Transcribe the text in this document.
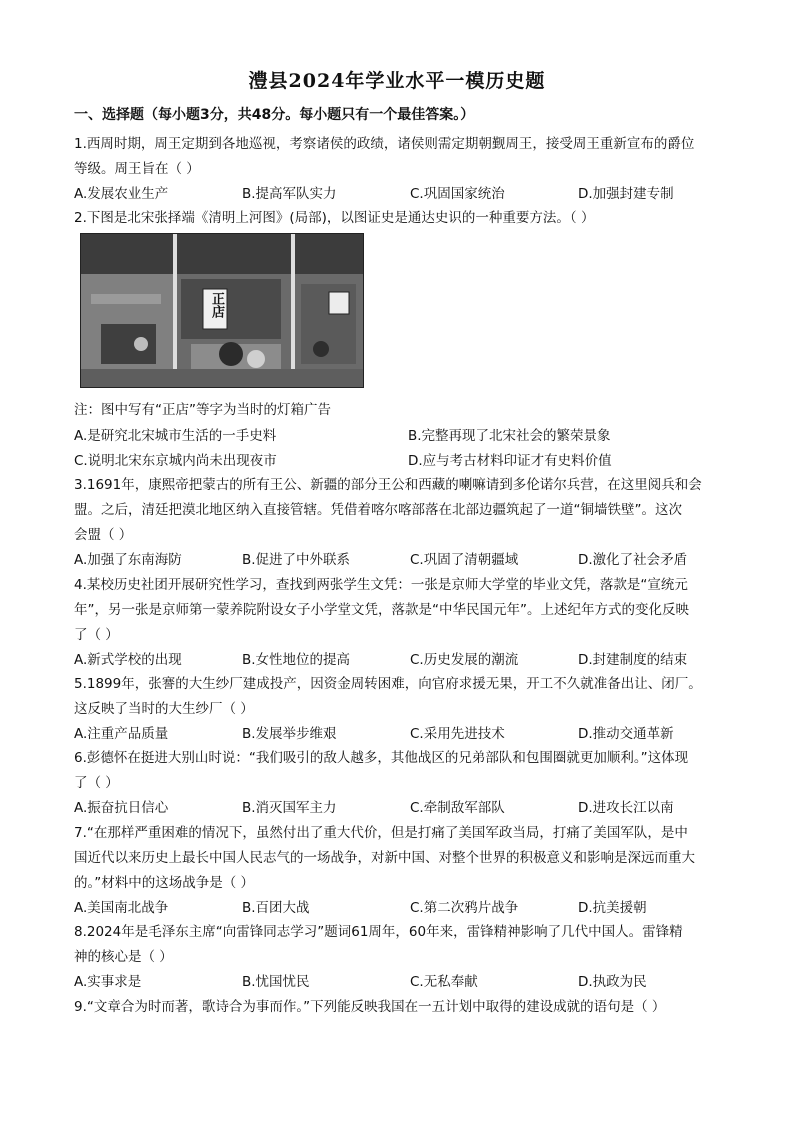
澧县2024年学业水平一模历史题
一、选择题（每小题3分，共48分。每小题只有一个最佳答案。）
1.西周时期，周王定期到各地巡视，考察诸侯的政绩，诸侯则需定期朝觐周王，接受周王重新宣布的爵位
等级。周王旨在（ ）
A.发展农业生产	B.提高军队实力	C.巩固国家统治	D.加强封建专制
2.下图是北宋张择端《清明上河图》(局部)，以图证史是通达史识的一种重要方法。（ ）
正店
注：图中写有“正店”等字为当时的灯箱广告
A.是研究北宋城市生活的一手史料	B.完整再现了北宋社会的繁荣景象
C.说明北宋东京城内尚未出现夜市	D.应与考古材料印证才有史料价值
3.1691年，康熙帝把蒙古的所有王公、新疆的部分王公和西藏的喇嘛请到多伦诺尔兵营，在这里阅兵和会
盟。之后，清廷把漠北地区纳入直接管辖。凭借着喀尔喀部落在北部边疆筑起了一道“铜墙铁壁”。这次
会盟（ ）
A.加强了东南海防	B.促进了中外联系	C.巩固了清朝疆域	D.激化了社会矛盾
4.某校历史社团开展研究性学习，查找到两张学生文凭：一张是京师大学堂的毕业文凭，落款是“宣统元
年”，另一张是京师第一蒙养院附设女子小学堂文凭，落款是“中华民国元年”。上述纪年方式的变化反映
了（ ）
A.新式学校的出现	B.女性地位的提高	C.历史发展的潮流	D.封建制度的结束
5.1899年，张謇的大生纱厂建成投产，因资金周转困难，向官府求援无果，开工不久就准备出让、闭厂。
这反映了当时的大生纱厂（ ）
A.注重产品质量	B.发展举步维艰	C.采用先进技术	D.推动交通革新
6.彭德怀在挺进大别山时说：“我们吸引的敌人越多，其他战区的兄弟部队和包围圈就更加顺利。”这体现
了（ ）
A.振奋抗日信心	B.消灭国军主力	C.牵制敌军部队	D.进攻长江以南
7.“在那样严重困难的情况下，虽然付出了重大代价，但是打痛了美国军政当局，打痛了美国军队，是中
国近代以来历史上最长中国人民志气的一场战争，对新中国、对整个世界的积极意义和影响是深远而重大
的。”材料中的这场战争是（ ）
A.美国南北战争	B.百团大战	C.第二次鸦片战争	D.抗美援朝
8.2024年是毛泽东主席“向雷锋同志学习”题词61周年，60年来，雷锋精神影响了几代中国人。雷锋精
神的核心是（ ）
A.实事求是	B.忧国忧民	C.无私奉献	D.执政为民
9.“文章合为时而著，歌诗合为事而作。”下列能反映我国在一五计划中取得的建设成就的语句是（ ）
